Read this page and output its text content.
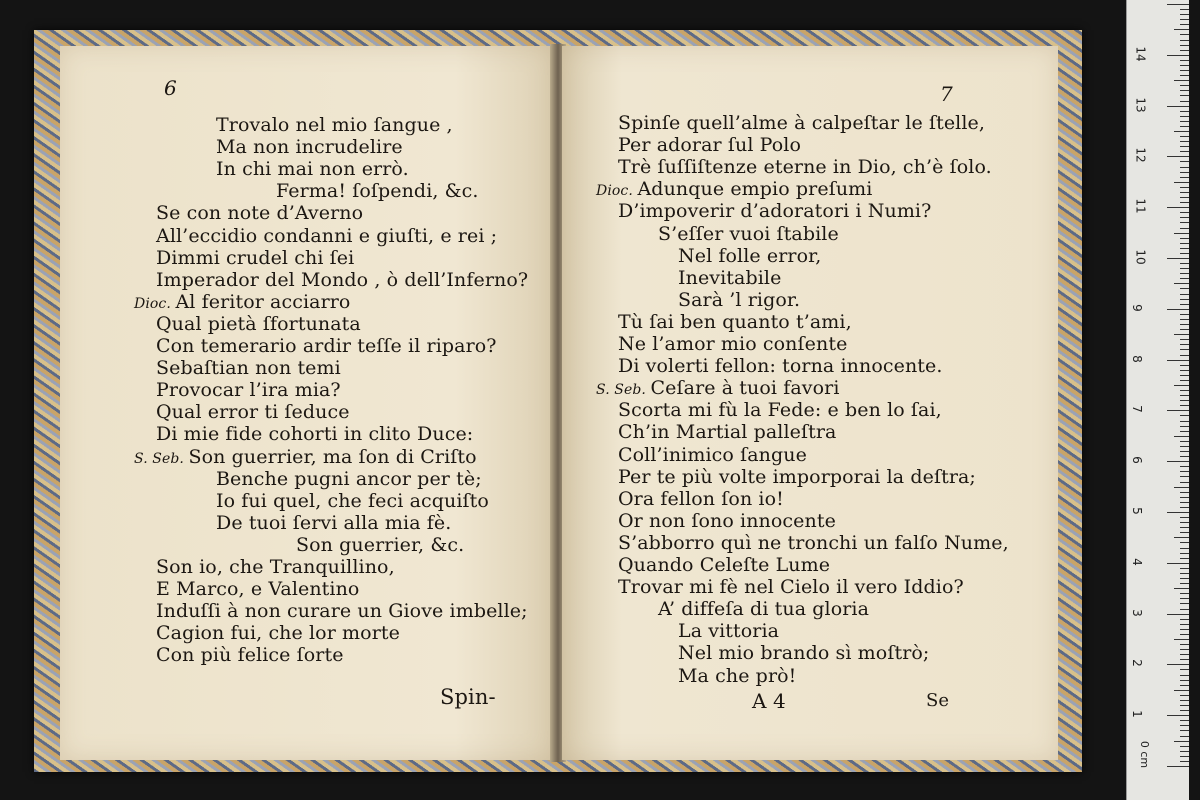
6
Trovalo nel mio ſangue ,
Ma non incrudelire
In chi mai non errò.
Ferma! ſoſpendi, &c.
Se con note d’Averno
All’eccidio condanni e giuſti, e rei ;
Dimmi crudel chi ſei
Imperador del Mondo , ò dell’Inferno?
Dioc. Al feritor acciarro
Qual pietà ſfortunata
Con temerario ardir teſſe il riparo?
Sebaſtian non temi
Provocar l’ira mia?
Qual error ti ſeduce
Di mie fide cohorti in clito Duce:
S. Seb. Son guerrier, ma ſon di Criſto
Benche pugni ancor per tè;
Io fui quel, che feci acquiſto
De tuoi ſervi alla mia fè.
Son guerrier, &c.
Son io, che Tranquillino,
E Marco, e Valentino
Induſſi à non curare un Giove imbelle;
Cagion fui, che lor morte
Con più felice ſorte
Spin-
7
Spinſe quell’alme à calpeſtar le ſtelle,
Per adorar ſul Polo
Trè ſuſſiſtenze eterne in Dio, ch’è ſolo.
Dioc. Adunque empio preſumi
D’impoverir d’adoratori i Numi?
S’eſſer vuoi ſtabile
Nel folle error,
Inevitabile
Sarà ’l rigor.
Tù ſai ben quanto t’ami,
Ne l’amor mio conſente
Di volerti fellon: torna innocente.
S. Seb. Ceſare à tuoi favori
Scorta mi fù la Fede: e ben lo ſai,
Ch’in Martial palleſtra
Coll’inimico ſangue
Per te più volte imporporai la deſtra;
Ora fellon ſon io!
Or non ſono innocente
S’abborro quì ne tronchi un falſo Nume,
Quando Celeſte Lume
Trovar mi fè nel Cielo il vero Iddio?
A’ diffeſa di tua gloria
La vittoria
Nel mio brando sì moſtrò;
Ma che prò!
A 4	Se
1
2
3
4
5
6
7
8
9
10
11
12
13
14
0 cm
